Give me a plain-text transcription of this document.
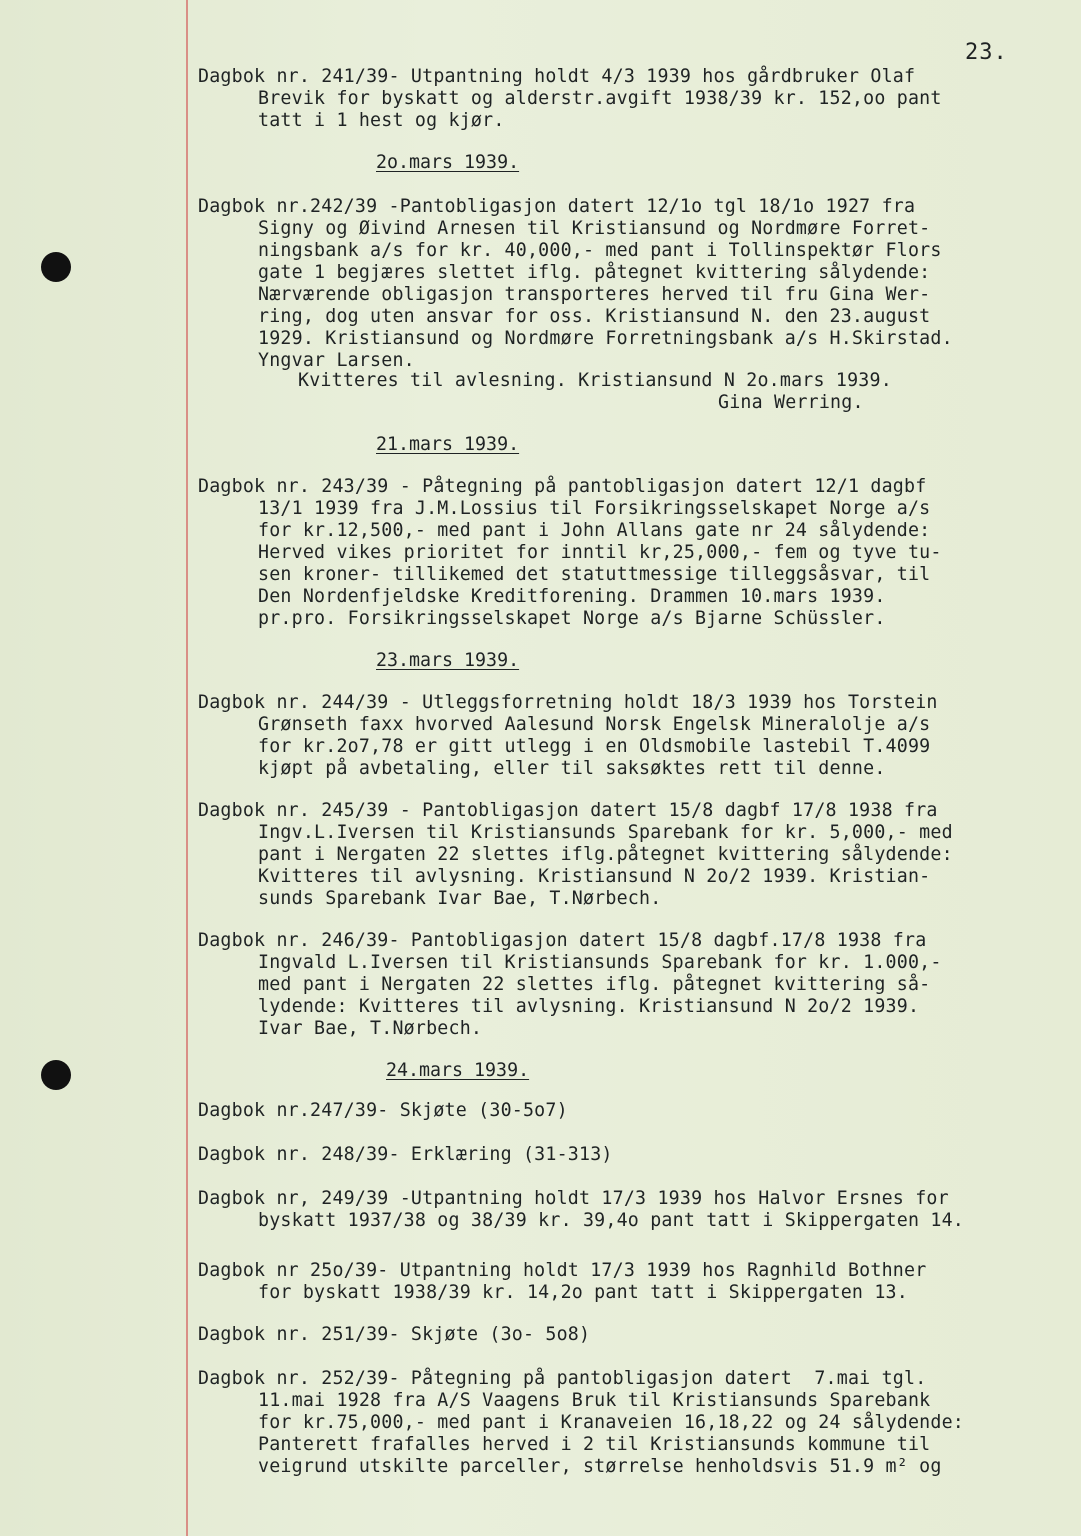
23.
Dagbok nr. 241/39- Utpantning holdt 4/3 1939 hos gårdbruker Olaf
Brevik for byskatt og alderstr.avgift 1938/39 kr. 152,oo pant
tatt i 1 hest og kjør.
2o.mars 1939.
Dagbok nr.242/39 -Pantobligasjon datert 12/1o tgl 18/1o 1927 fra
Signy og Øivind Arnesen til Kristiansund og Nordmøre Forret-
ningsbank a/s for kr. 40,000,- med pant i Tollinspektør Flors
gate 1 begjæres slettet iflg. påtegnet kvittering sålydende:
Nærværende obligasjon transporteres herved til fru Gina Wer-
ring, dog uten ansvar for oss. Kristiansund N. den 23.august
1929. Kristiansund og Nordmøre Forretningsbank a/s H.Skirstad.
Yngvar Larsen.
Kvitteres til avlesning. Kristiansund N 2o.mars 1939.
Gina Werring.
21.mars 1939.
Dagbok nr. 243/39 - Påtegning på pantobligasjon datert 12/1 dagbf
13/1 1939 fra J.M.Lossius til Forsikringsselskapet Norge a/s
for kr.12,500,- med pant i John Allans gate nr 24 sålydende:
Herved vikes prioritet for inntil kr,25,000,- fem og tyve tu-
sen kroner- tillikemed det statuttmessige tilleggsåsvar, til
Den Nordenfjeldske Kreditforening. Drammen 10.mars 1939.
pr.pro. Forsikringsselskapet Norge a/s Bjarne Schüssler.
23.mars 1939.
Dagbok nr. 244/39 - Utleggsforretning holdt 18/3 1939 hos Torstein
Grønseth faxx hvorved Aalesund Norsk Engelsk Mineralolje a/s
for kr.2o7,78 er gitt utlegg i en Oldsmobile lastebil T.4099
kjøpt på avbetaling, eller til saksøktes rett til denne.
Dagbok nr. 245/39 - Pantobligasjon datert 15/8 dagbf 17/8 1938 fra
Ingv.L.Iversen til Kristiansunds Sparebank for kr. 5,000,- med
pant i Nergaten 22 slettes iflg.påtegnet kvittering sålydende:
Kvitteres til avlysning. Kristiansund N 2o/2 1939. Kristian-
sunds Sparebank Ivar Bae, T.Nørbech.
Dagbok nr. 246/39- Pantobligasjon datert 15/8 dagbf.17/8 1938 fra
Ingvald L.Iversen til Kristiansunds Sparebank for kr. 1.000,-
med pant i Nergaten 22 slettes iflg. påtegnet kvittering så-
lydende: Kvitteres til avlysning. Kristiansund N 2o/2 1939.
Ivar Bae, T.Nørbech.
24.mars 1939.
Dagbok nr.247/39- Skjøte (30-5o7)
Dagbok nr. 248/39- Erklæring (31-313)
Dagbok nr, 249/39 -Utpantning holdt 17/3 1939 hos Halvor Ersnes for
byskatt 1937/38 og 38/39 kr. 39,4o pant tatt i Skippergaten 14.
Dagbok nr 25o/39- Utpantning holdt 17/3 1939 hos Ragnhild Bothner
for byskatt 1938/39 kr. 14,2o pant tatt i Skippergaten 13.
Dagbok nr. 251/39- Skjøte (3o- 5o8)
Dagbok nr. 252/39- Påtegning på pantobligasjon datert  7.mai tgl.
11.mai 1928 fra A/S Vaagens Bruk til Kristiansunds Sparebank
for kr.75,000,- med pant i Kranaveien 16,18,22 og 24 sålydende:
Panterett frafalles herved i 2 til Kristiansunds kommune til
veigrund utskilte parceller, størrelse henholdsvis 51.9 m² og
